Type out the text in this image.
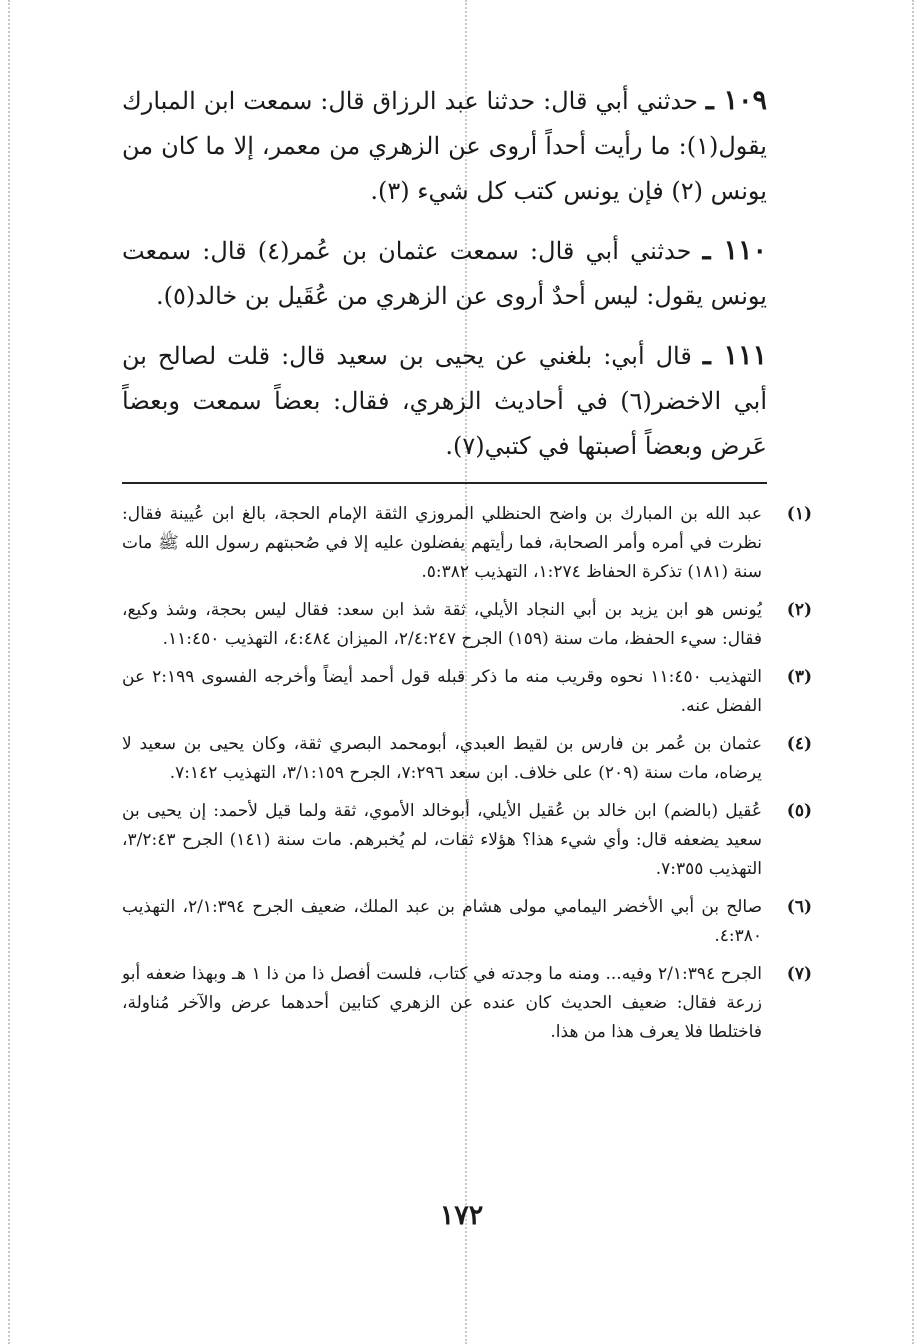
١٠٩ ـ حدثني أبي قال: حدثنا عبد الرزاق قال: سمعت ابن المبارك يقول(١): ما رأيت أحداً أروى عن الزهري من معمر، إلا ما كان من يونس (٢) فإن يونس كتب كل شيء (٣).

١١٠ ـ حدثني أبي قال: سمعت عثمان بن عُمر(٤) قال: سمعت يونس يقول: ليس أحدٌ أروى عن الزهري من عُقَيل بن خالد(٥).

١١١ ـ قال أبي: بلغني عن يحيى بن سعيد قال: قلت لصالح بن أبي الاخضر(٦) في أحاديث الزهري، فقال: بعضاً سمعت وبعضاً عَرض وبعضاً أصبتها في كتبي(٧).

(١)
عبد الله بن المبارك بن واضح الحنظلي المروزي الثقة الإمام الحجة، بالغ ابن عُيينة فقال: نظرت في أمره وأمر الصحابة، فما رأيتهم يفضلون عليه إلا في صُحبتهم رسول الله ﷺ مات سنة (١٨١) تذكرة الحفاظ ١:٢٧٤، التهذيب ٥:٣٨٢.
(٢)
يُونس هو ابن يزيد بن أبي النجاد الأيلي، ثقة شذ ابن سعد: فقال ليس بحجة، وشذ وكيع، فقال: سيء الحفظ، مات سنة (١٥٩) الجرح ٢/٤:٢٤٧، الميزان ٤:٤٨٤، التهذيب ١١:٤٥٠.
(٣)
التهذيب ١١:٤٥٠ نحوه وقريب منه ما ذكر قبله قول أحمد أيضاً وأخرجه الفسوى ٢:١٩٩ عن الفضل عنه.
(٤)
عثمان بن عُمر بن فارس بن لقيط العبدي، أبومحمد البصري ثقة، وكان يحيى بن سعيد لا يرضاه، مات سنة (٢٠٩) على خلاف. ابن سعد ٧:٢٩٦، الجرح ٣/١:١٥٩، التهذيب ٧:١٤٢.
(٥)
عُقيل (بالضم) ابن خالد بن عُقيل الأيلي، أبوخالد الأموي، ثقة ولما قيل لأحمد: إن يحيى بن سعيد يضعفه قال: وأي شيء هذا؟ هؤلاء ثقات، لم يُخبرهم. مات سنة (١٤١) الجرح ٣/٢:٤٣، التهذيب ٧:٣٥٥.
(٦)
صالح بن أبي الأخضر اليمامي مولى هشام بن عبد الملك، ضعيف الجرح ٢/١:٣٩٤، التهذيب ٤:٣٨٠.
(٧)
الجرح ٢/١:٣٩٤ وفيه... ومنه ما وجدته في كتاب، فلست أفصل ذا من ذا ١ هـ وبهذا ضعفه أبو زرعة فقال: ضعيف الحديث كان عنده عن الزهري كتابين أحدهما عرض والآخر مُناولة، فاختلطا فلا يعرف هذا من هذا.
١٧٢
